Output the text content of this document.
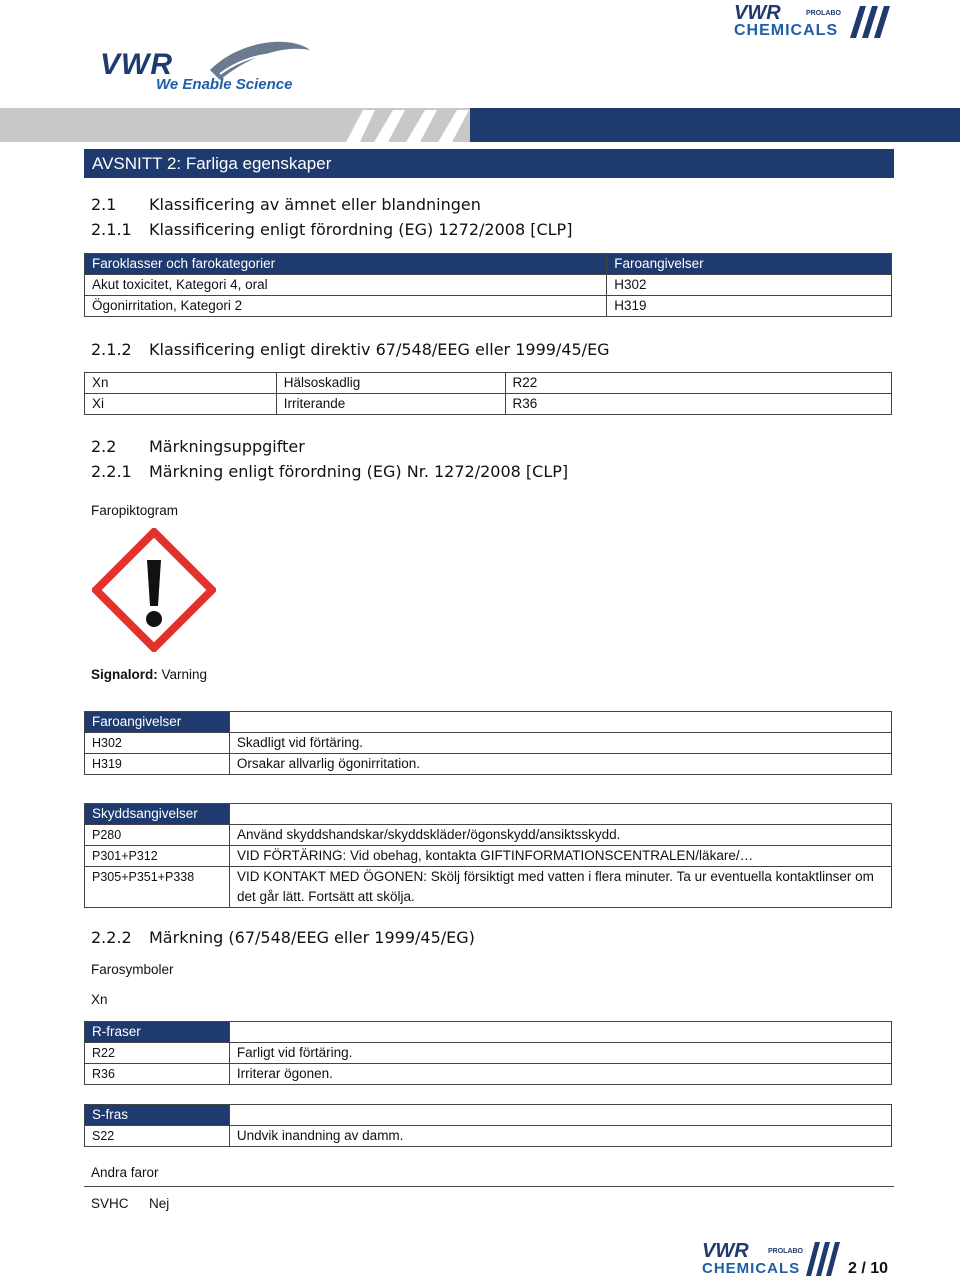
VWR
We Enable Science
VWR	PROLABO
CHEMICALS
AVSNITT 2: Farliga egenskaper
2.1 Klassificering av ämnet eller blandningen
2.1.1 Klassificering enligt förordning (EG) 1272/2008 [CLP]
Faroklasser och farokategorier	Faroangivelser
Akut toxicitet, Kategori 4, oral	H302
Ögonirritation, Kategori 2	H319
2.1.2 Klassificering enligt direktiv 67/548/EEG eller 1999/45/EG
Xn	Hälsoskadlig	R22
Xi	Irriterande	R36
2.2 Märkningsuppgifter
2.2.1 Märkning enligt förordning (EG) Nr. 1272/2008 [CLP]
Faropiktogram
Signalord: Varning
Faroangivelser	
H302	Skadligt vid förtäring.
H319	Orsakar allvarlig ögonirritation.
Skyddsangivelser	
P280	Använd skyddshandskar/skyddskläder/ögonskydd/ansiktsskydd.
P301+P312	VID FÖRTÄRING: Vid obehag, kontakta GIFTINFORMATIONSCENTRALEN/läkare/…
P305+P351+P338	VID KONTAKT MED ÖGONEN: Skölj försiktigt med vatten i flera minuter. Ta ur eventuella kontaktlinser om det går lätt. Fortsätt att skölja.
2.2.2 Märkning (67/548/EEG eller 1999/45/EG)
Farosymboler
Xn
R-fraser	
R22	Farligt vid förtäring.
R36	Irriterar ögonen.
S-fras	
S22	Undvik inandning av damm.
Andra faror
SVHC Nej
VWR	PROLABO
CHEMICALS	2 / 10
